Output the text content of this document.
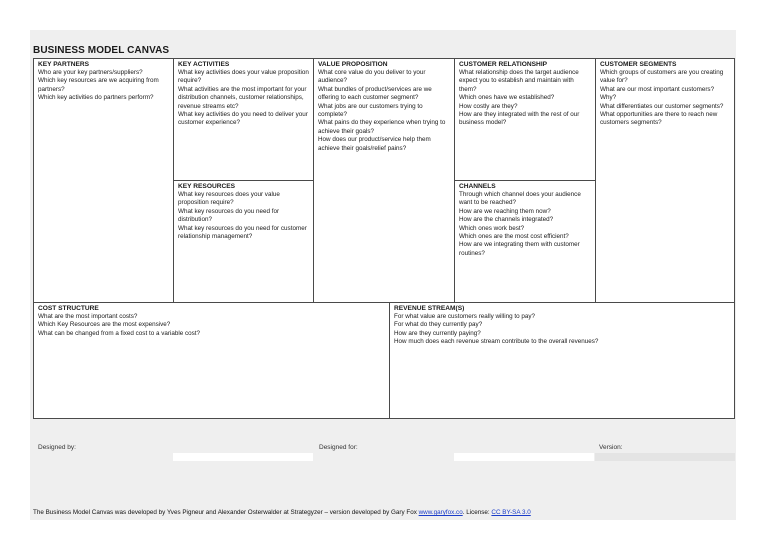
BUSINESS MODEL CANVAS
KEY PARTNERS

Who are your key partners/suppliers?

Which key resources are we acquiring from partners?

Which key activities do partners perform?

KEY ACTIVITIES

What key activities does your value proposition require?

What activities are the most important for your distribution channels, customer relationships, revenue streams etc?

What key activities do you need to deliver your customer experience?

KEY RESOURCES

What key resources does your value proposition require?

What key resources do you need for distribution?

What key resources do you need for customer relationship management?

VALUE PROPOSITION

What core value do you deliver to your audience?

What bundles of product/services are we offering to each customer segment?

What jobs are our customers trying to complete?

What pains do they experience when trying to achieve their goals?

How does our product/service help them achieve their goals/relief pains?

CUSTOMER RELATIONSHIP

What relationship does the target audience expect you to establish and maintain with them?

Which ones have we established?

How costly are they?

How are they integrated with the rest of our business model?

CHANNELS

Through which channel does your audience want to be reached?

How are we reaching them now?

How are the channels integrated?

Which ones work best?

Which ones are the most cost efficient?

How are we integrating them with customer routines?

CUSTOMER SEGMENTS

Which groups of customers are you creating value for?

What are our most important customers?

Why?

What differentiates our customer segments?

What opportunities are there to reach new customers segments?

COST STRUCTURE

What are the most important costs?

Which Key Resources are the most expensive?

What can be changed from a fixed cost to a variable cost?

REVENUE STREAM(S)

For what value are customers really willing to pay?

For what do they currently pay?

How are they currently paying?

How much does each revenue stream contribute to the overall revenues?

Designed by:	Designed for:	Version:
The Business Model Canvas was developed by Yves Pigneur and Alexander Osterwalder at Strategyzer – version developed by Gary Fox www.garyfox.co. License: CC BY-SA 3.0
